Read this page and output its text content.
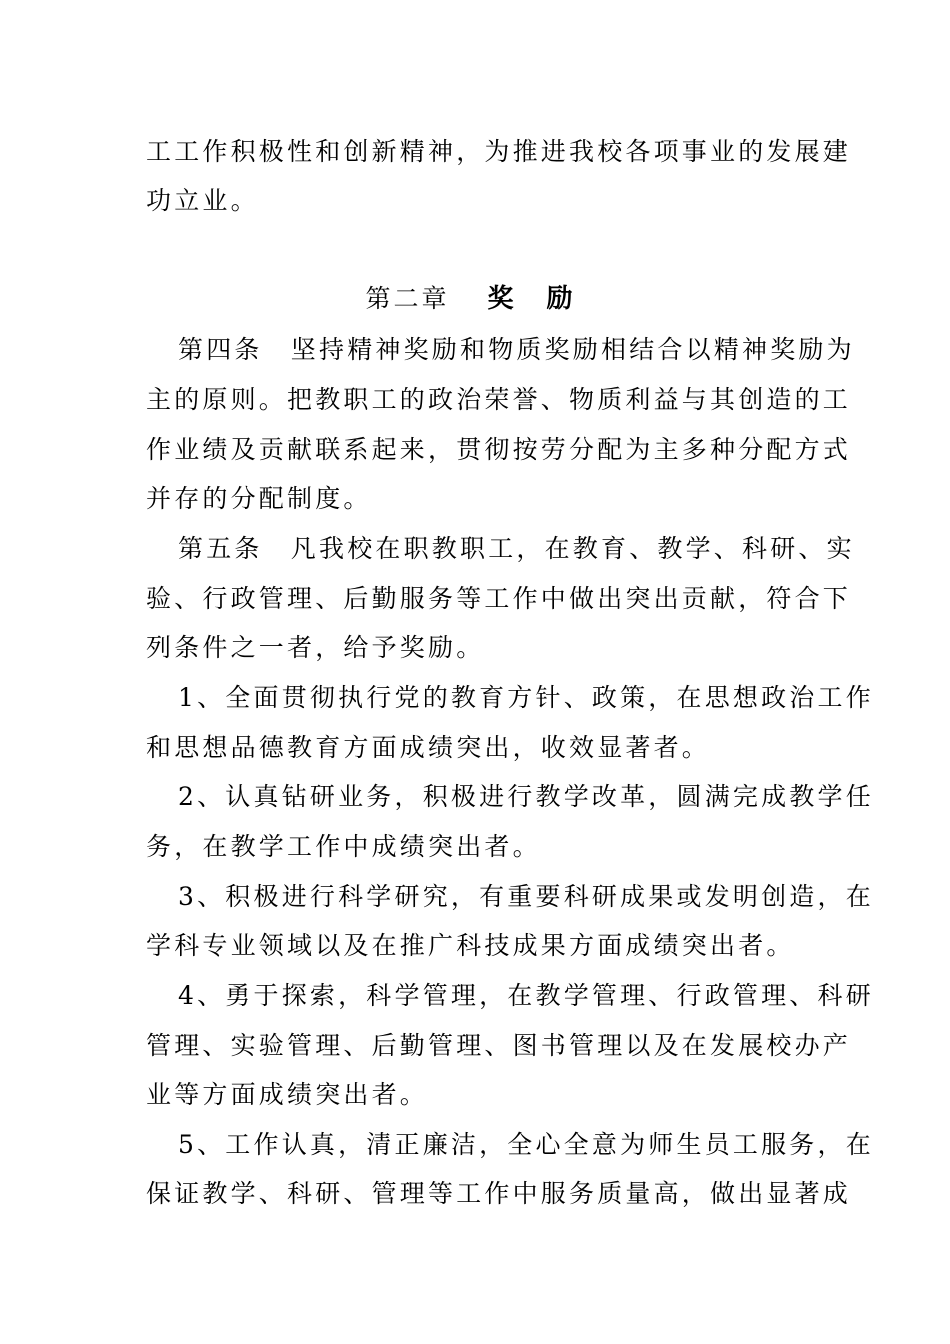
工工作积极性和创新精神，为推进我校各项事业的发展建
功立业。
第二章 奖 励
第四条　坚持精神奖励和物质奖励相结合以精神奖励为
主的原则。把教职工的政治荣誉、物质利益与其创造的工
作业绩及贡献联系起来，贯彻按劳分配为主多种分配方式
并存的分配制度。
第五条　凡我校在职教职工，在教育、教学、科研、实
验、行政管理、后勤服务等工作中做出突出贡献，符合下
列条件之一者，给予奖励。
1、全面贯彻执行党的教育方针、政策，在思想政治工作
和思想品德教育方面成绩突出，收效显著者。
2、认真钻研业务，积极进行教学改革，圆满完成教学任
务，在教学工作中成绩突出者。
3、积极进行科学研究，有重要科研成果或发明创造，在
学科专业领域以及在推广科技成果方面成绩突出者。
4、勇于探索，科学管理，在教学管理、行政管理、科研
管理、实验管理、后勤管理、图书管理以及在发展校办产
业等方面成绩突出者。
5、工作认真，清正廉洁，全心全意为师生员工服务，在
保证教学、科研、管理等工作中服务质量高，做出显著成
